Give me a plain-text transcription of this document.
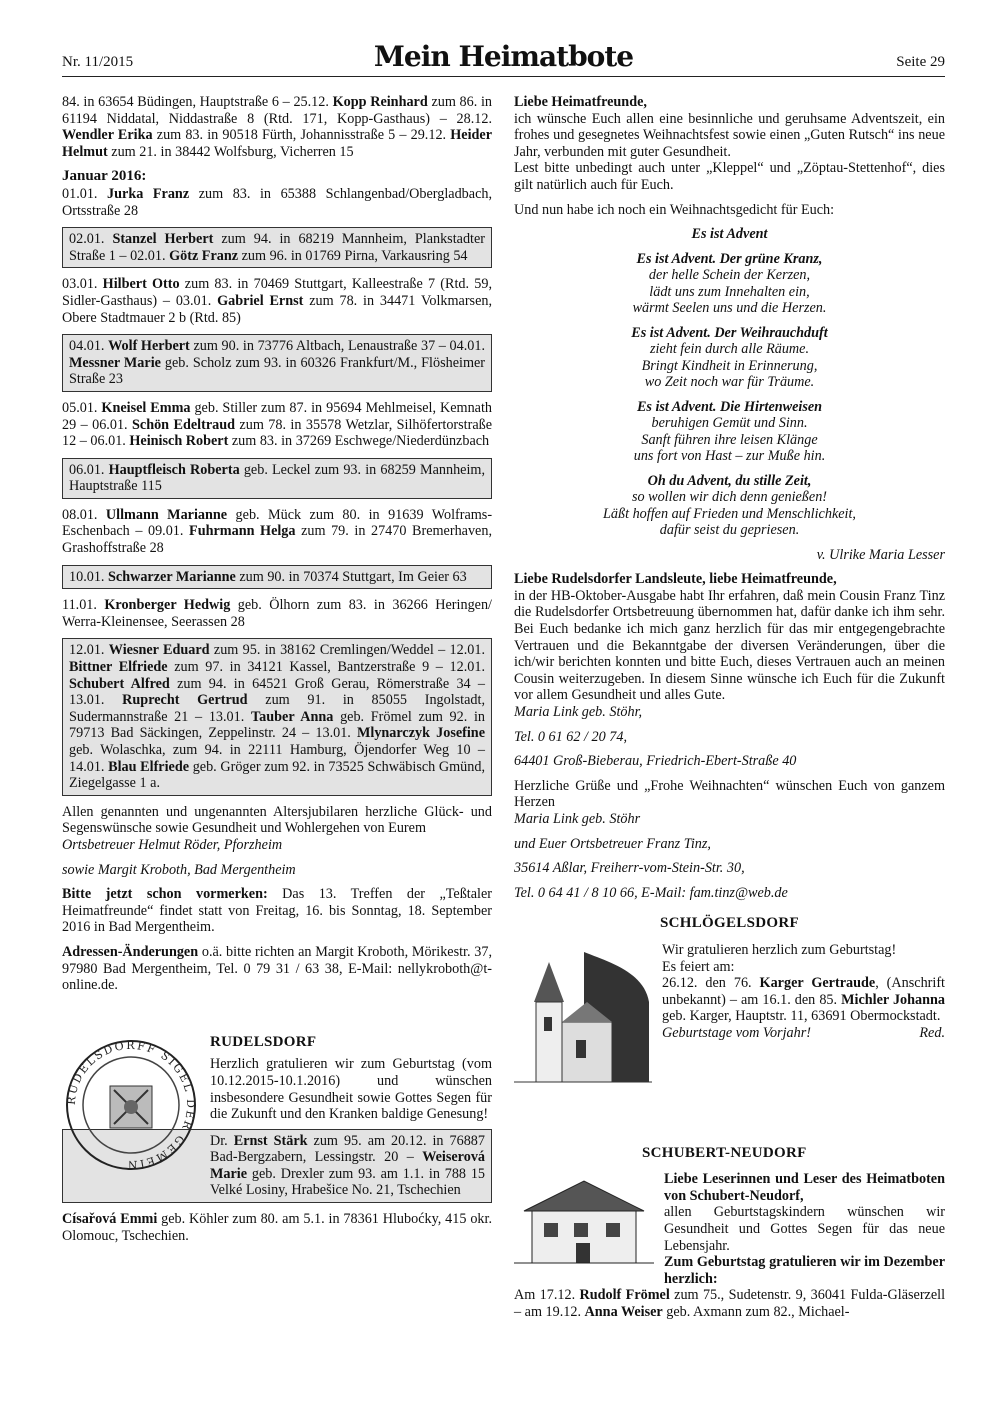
Nr. 11/2015	Mein Heimatbote	Seite 29

84. in 63654 Büdingen, Hauptstraße 6 – 25.12. Kopp Reinhard zum 86. in 61194 Niddatal, Niddastraße 8 (Rtd. 171, Kopp-Gasthaus) – 28.12. Wendler Erika zum 83. in 90518 Fürth, Johannisstraße 5 – 29.12. Heider Helmut zum 21. in 38442 Wolfsburg, Vicherren 15

Januar 2016:

01.01. Jurka Franz zum 83. in 65388 Schlangenbad/Obergladbach, Ortsstraße 28

02.01. Stanzel Herbert zum 94. in 68219 Mannheim, Plankstadter Straße 1 – 02.01. Götz Franz zum 96. in 01769 Pirna, Varkausring 54

03.01. Hilbert Otto zum 83. in 70469 Stuttgart, Kalleestraße 7 (Rtd. 59, Sidler-Gasthaus) – 03.01. Gabriel Ernst zum 78. in 34471 Volkmarsen, Obere Stadtmauer 2 b (Rtd. 85)

04.01. Wolf Herbert zum 90. in 73776 Altbach, Lenaustraße 37 – 04.01. Messner Marie geb. Scholz zum 93. in 60326 Frankfurt/M., Flösheimer Straße 23

05.01. Kneisel Emma geb. Stiller zum 87. in 95694 Mehlmeisel, Kemnath 29 – 06.01. Schön Edeltraud zum 78. in 35578 Wetzlar, Silhöfertorstraße 12 – 06.01. Heinisch Robert zum 83. in 37269 Eschwege/Niederdünzbach

06.01. Hauptfleisch Roberta geb. Leckel zum 93. in 68259 Mannheim, Hauptstraße 115

08.01. Ullmann Marianne geb. Mück zum 80. in 91639 Wolframs-Eschenbach – 09.01. Fuhrmann Helga zum 79. in 27470 Bremerhaven, Grashoffstraße 28

10.01. Schwarzer Marianne zum 90. in 70374 Stuttgart, Im Geier 63

11.01. Kronberger Hedwig geb. Ölhorn zum 83. in 36266 Heringen/ Werra-Kleinensee, Seerassen 28

12.01. Wiesner Eduard zum 95. in 38162 Cremlingen/Weddel – 12.01. Bittner Elfriede zum 97. in 34121 Kassel, Bantzerstraße 9 – 12.01. Schubert Alfred zum 94. in 64521 Groß Gerau, Römerstraße 34 – 13.01. Ruprecht Gertrud zum 91. in 85055 Ingolstadt, Sudermannstraße 21 – 13.01. Tauber Anna geb. Frömel zum 92. in 79713 Bad Säckingen, Zeppelinstr. 24 – 13.01. Mlynarczyk Josefine geb. Wolaschka, zum 94. in 22111 Hamburg, Öjendorfer Weg 10 – 14.01. Blau Elfriede geb. Gröger zum 92. in 73525 Schwäbisch Gmünd, Ziegelgasse 1 a.

Allen genannten und ungenannten Altersjubilaren herzliche Glück- und Segenswünsche sowie Gesundheit und Wohlergehen von Eurem

Ortsbetreuer Helmut Röder, Pforzheim

sowie Margit Kroboth, Bad Mergentheim

Bitte jetzt schon vormerken: Das 13. Treffen der „Teßtaler Heimatfreunde“ findet statt von Freitag, 16. bis Sonntag, 18. September 2016 in Bad Mergentheim.

Adressen-Änderungen o.ä. bitte richten an Margit Kroboth, Mörikestr. 37, 97980 Bad Mergentheim, Tel. 0 79 31 / 63 38, E-Mail: nellykroboth@t-online.de.

RUDELSDORFF SIGEL DER GEMEIN
RUDELSDORF

Herzlich gratulieren wir zum Geburtstag (vom 10.12.2015-10.1.2016) und wünschen insbesondere Gesundheit sowie Gottes Segen für die Zukunft und den Kranken baldige Genesung!

Dr. Ernst Stärk zum 95. am 20.12. in 76887 Bad-Bergzabern, Lessingstr. 20 – Weiserová Marie geb. Drexler zum 93. am 1.1. in 788 15 Velké Losiny, Hrabešice No. 21, Tschechien

Císařová Emmi geb. Köhler zum 80. am 5.1. in 78361 Hluboćky, 415 okr. Olomouc, Tschechien.

Liebe Heimatfreunde,

ich wünsche Euch allen eine besinnliche und geruhsame Adventszeit, ein frohes und gesegnetes Weihnachtsfest sowie einen „Guten Rutsch“ ins neue Jahr, verbunden mit guter Gesundheit.

Lest bitte unbedingt auch unter „Kleppel“ und „Zöptau-Stettenhof“, dies gilt natürlich auch für Euch.

Und nun habe ich noch ein Weihnachtsgedicht für Euch:

Es ist Advent
Es ist Advent. Der grüne Kranz,
der helle Schein der Kerzen,
lädt uns zum Innehalten ein,
wärmt Seelen uns und die Herzen.
Es ist Advent. Der Weihrauchduft
zieht fein durch alle Räume.
Bringt Kindheit in Erinnerung,
wo Zeit noch war für Träume.
Es ist Advent. Die Hirtenweisen
beruhigen Gemüt und Sinn.
Sanft führen ihre leisen Klänge
uns fort von Hast – zur Muße hin.
Oh du Advent, du stille Zeit,
so wollen wir dich denn genießen!
Läßt hoffen auf Frieden und Menschlichkeit,
dafür seist du gepriesen.
v. Ulrike Maria Lesser

Liebe Rudelsdorfer Landsleute, liebe Heimatfreunde,

in der HB-Oktober-Ausgabe habt Ihr erfahren, daß mein Cousin Franz Tinz die Rudelsdorfer Ortsbetreuung übernommen hat, dafür danke ich ihm sehr. Bei Euch bedanke ich mich ganz herzlich für das mir entgegengebrachte Vertrauen und die Bekanntgabe der diversen Veränderungen, über die ich/wir berichten konnten und bitte Euch, dieses Vertrauen auch an meinen Cousin weiterzugeben. In diesem Sinne wünsche ich Euch für die Zukunft vor allem Gesundheit und alles Gute.

Maria Link geb. Stöhr,

Tel. 0 61 62 / 20 74,

64401 Groß-Bieberau, Friedrich-Ebert-Straße 40

Herzliche Grüße und „Frohe Weihnachten“ wünschen Euch von ganzem Herzen

Maria Link geb. Stöhr

und Euer Ortsbetreuer Franz Tinz,

35614 Aßlar, Freiherr-vom-Stein-Str. 30,

Tel. 0 64 41 / 8 10 66, E-Mail: fam.tinz@web.de

SCHLÖGELSDORF

Wir gratulieren herzlich zum Geburtstag!

Es feiert am:

26.12. den 76. Karger Gertraude, (Anschrift unbekannt) – am 16.1. den 85. Michler Johanna geb. Karger, Hauptstr. 11, 63691 Obermockstadt.

Geburtstage vom Vorjahr!	Red.
SCHUBERT-NEUDORF

Liebe Leserinnen und Leser des Heimatboten von Schubert-Neudorf,

allen Geburtstagskindern wünschen wir Gesundheit und Gottes Segen für das neue Lebensjahr.

Zum Geburtstag gratulieren wir im Dezember herzlich:

Am 17.12. Rudolf Frömel zum 75., Sudetenstr. 9, 36041 Fulda-Gläserzell – am 19.12. Anna Weiser geb. Axmann zum 82., Michael-
